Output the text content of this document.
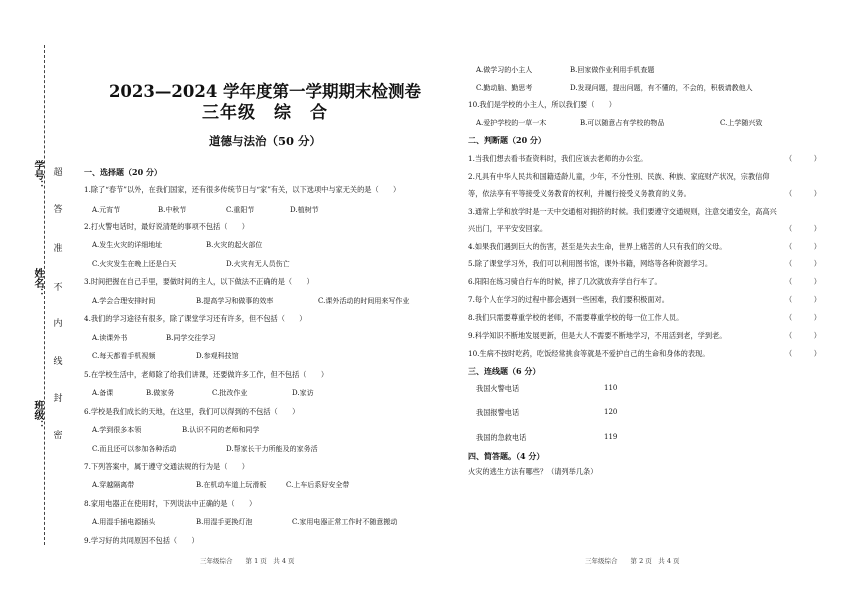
学号：
姓名：
班级：
超
答
准
不
内
线
封
密
2023—2024 学年度第一学期期末检测卷
三年级　综　合
道德与法治（50 分）
一、选择题（20 分）
1.除了“春节”以外，在我们国家，还有很多传统节日与“家”有关，以下选项中与家无关的是（　　）
A.元宵节	B.中秋节	C.重阳节	D.植树节
2.打火警电话时，最好说清楚的事项不包括（　　）
A.发生火灾的详细地址	B.火灾的起火部位
C.火灾发生在晚上还是白天	D.火灾有无人员伤亡
3.时间把握在自己手里，要做时间的主人，以下做法不正确的是（　　）
A.学会合理安排时间	B.提高学习和做事的效率	C.课外活动的时间用来写作业
4.我们的学习途径有很多，除了课堂学习还有许多，但不包括（　　）
A.读课外书	B.同学交往学习
C.每天都看手机视频	D.参观科技馆
5.在学校生活中，老师除了给我们讲课，还要做许多工作，但不包括（　　）
A.备课	B.做家务	C.批改作业	D.家访
6.学校是我们成长的天地，在这里，我们可以得到的不包括（　　）
A.学到很多本领	B.认识不同的老师和同学
C.而且还可以参加各种活动	D.帮家长干力所能及的家务活
7.下列答案中，属于遵守交通法规的行为是（　　）
A.穿越隔离带	B.在机动车道上玩滑板	C.上车后系好安全带
8.家用电器正在使用时，下列说法中正确的是（　　）
A.用湿手插电源插头	B.用湿手更换灯泡	C.家用电器正常工作时不随意搬动
9.学习好的共同原因不包括（　　）
三年级综合　　第 1 页　共 4 页
A.做学习的小主人	B.回家做作业利用手机查题
C.勤动脑、勤思考	D.发现问题，提出问题，有不懂的，不会的，积极请教他人
10.我们是学校的小主人，所以我们要（　　）
A.爱护学校的一草一木	B.可以随意占有学校的物品	C.上学随兴致
二、判断题（20 分）
1.当我们想去看书查资料时，我们应该去老师的办公室。	（　　　）
2.凡具有中华人民共和国籍适龄儿童，少年，不分性别、民族、种族、家庭财产状况，宗教信仰
等，依法享有平等接受义务教育的权利，并履行接受义务教育的义务。	（　　　）
3.通常上学和放学时是一天中交通相对拥挤的时候。我们要遵守交通规则，注意交通安全，高高兴
兴出门，平平安安回家。	（　　　）
4.如果我们遇到巨大的伤害，甚至是失去生命，世界上痛苦的人只有我们的父母。	（　　　）
5.除了课堂学习外，我们可以利用图书馆，课外书籍，网络等各种资源学习。	（　　　）
6.阳阳在练习骑自行车的时候，摔了几次就放弃学自行车了。	（　　　）
7.每个人在学习的过程中都会遇到一些困难，我们要积极面对。	（　　　）
8.我们只需要尊重学校的老师，不需要尊重学校的每一位工作人员。	（　　　）
9.科学知识不断地发展更新，但是大人不需要不断地学习，不用活到老，学到老。	（　　　）
10.生病不按时吃药，吃饭经常挑食等就是不爱护自己的生命和身体的表现。	（　　　）
三、连线题（6 分）
我国火警电话	110
我国报警电话	120
我国的急救电话	119
四、简答题。（4 分）
火灾的逃生方法有哪些？（请列举几条）
三年级综合　　第 2 页　共 4 页
